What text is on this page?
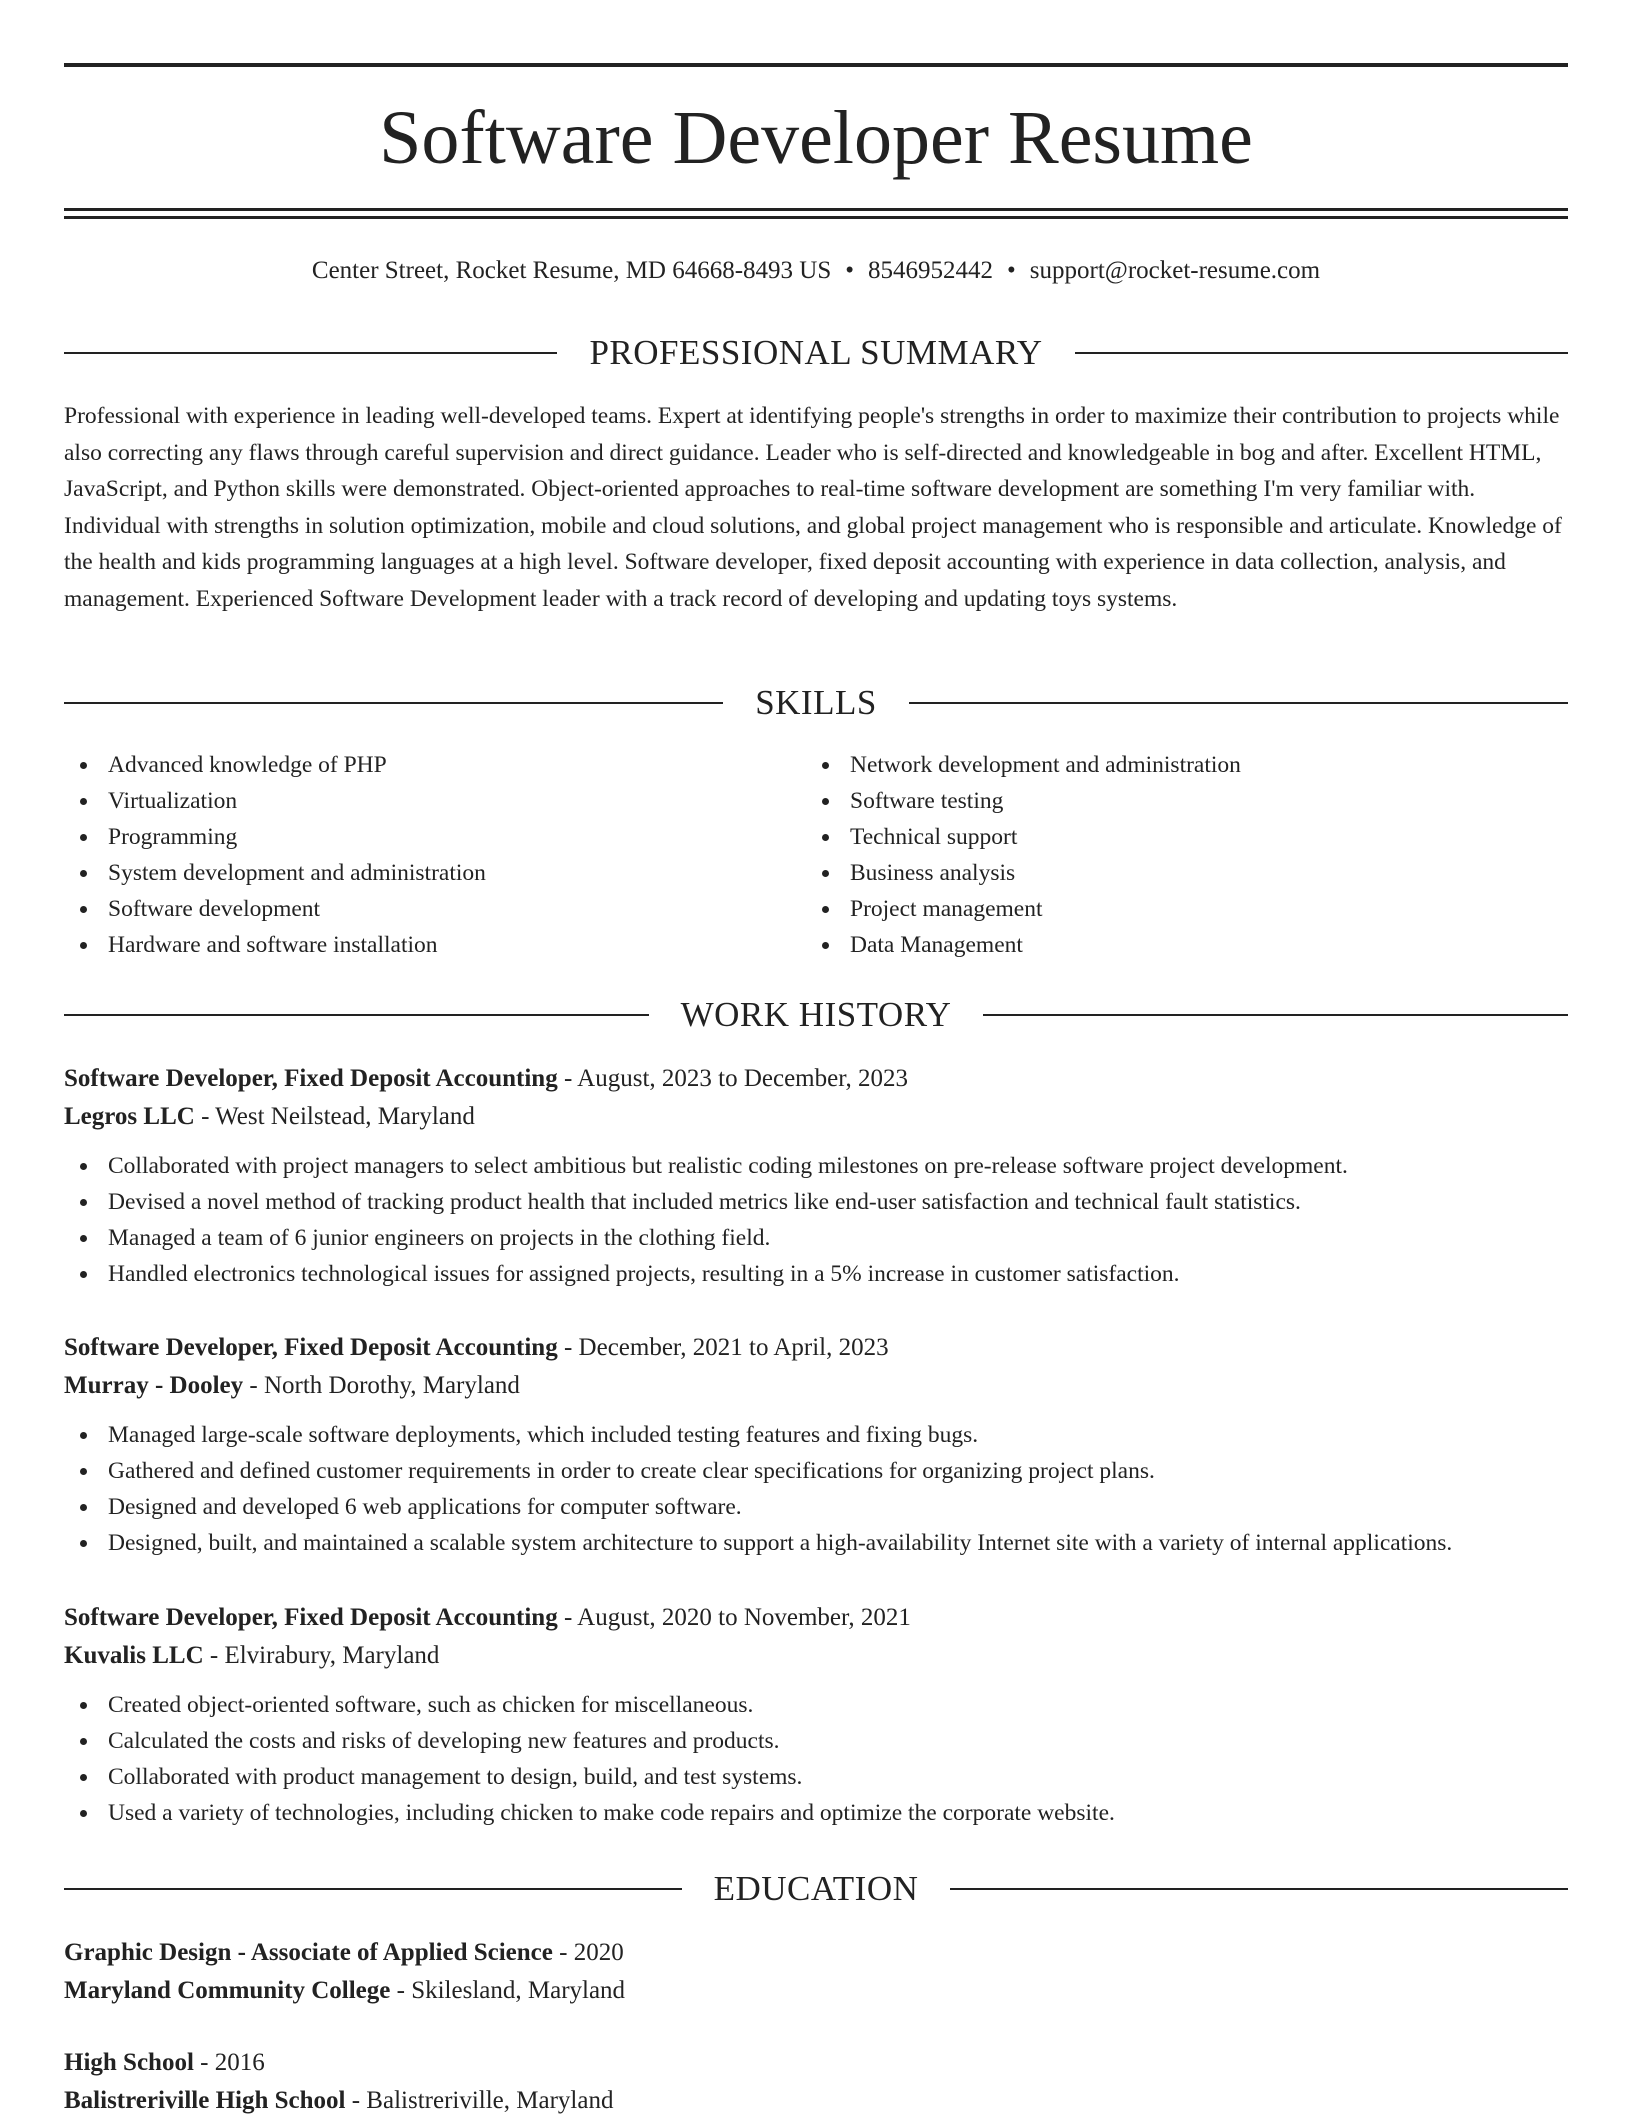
Software Developer Resume
Center Street, Rocket Resume, MD 64668-8493 US • 8546952442 • support@rocket-resume.com
PROFESSIONAL SUMMARY

Professional with experience in leading well-developed teams. Expert at identifying people's strengths in order to maximize their contribution to projects while also correcting any flaws through careful supervision and direct guidance. Leader who is self-directed and knowledgeable in bog and after. Excellent HTML, JavaScript, and Python skills were demonstrated. Object-oriented approaches to real-time software development are something I'm very familiar with. Individual with strengths in solution optimization, mobile and cloud solutions, and global project management who is responsible and articulate. Knowledge of the health and kids programming languages at a high level. Software developer, fixed deposit accounting with experience in data collection, analysis, and management. Experienced Software Development leader with a track record of developing and updating toys systems.

SKILLS
Advanced knowledge of PHP
Virtualization
Programming
System development and administration
Software development
Hardware and software installation
Network development and administration
Software testing
Technical support
Business analysis
Project management
Data Management
WORK HISTORY
Software Developer, Fixed Deposit Accounting - August, 2023 to December, 2023
Legros LLC - West Neilstead, Maryland
Collaborated with project managers to select ambitious but realistic coding milestones on pre-release software project development.
Devised a novel method of tracking product health that included metrics like end-user satisfaction and technical fault statistics.
Managed a team of 6 junior engineers on projects in the clothing field.
Handled electronics technological issues for assigned projects, resulting in a 5% increase in customer satisfaction.
Software Developer, Fixed Deposit Accounting - December, 2021 to April, 2023
Murray - Dooley - North Dorothy, Maryland
Managed large-scale software deployments, which included testing features and fixing bugs.
Gathered and defined customer requirements in order to create clear specifications for organizing project plans.
Designed and developed 6 web applications for computer software.
Designed, built, and maintained a scalable system architecture to support a high-availability Internet site with a variety of internal applications.
Software Developer, Fixed Deposit Accounting - August, 2020 to November, 2021
Kuvalis LLC - Elvirabury, Maryland
Created object-oriented software, such as chicken for miscellaneous.
Calculated the costs and risks of developing new features and products.
Collaborated with product management to design, build, and test systems.
Used a variety of technologies, including chicken to make code repairs and optimize the corporate website.
EDUCATION
Graphic Design - Associate of Applied Science - 2020
Maryland Community College - Skilesland, Maryland
High School - 2016
Balistreriville High School - Balistreriville, Maryland
